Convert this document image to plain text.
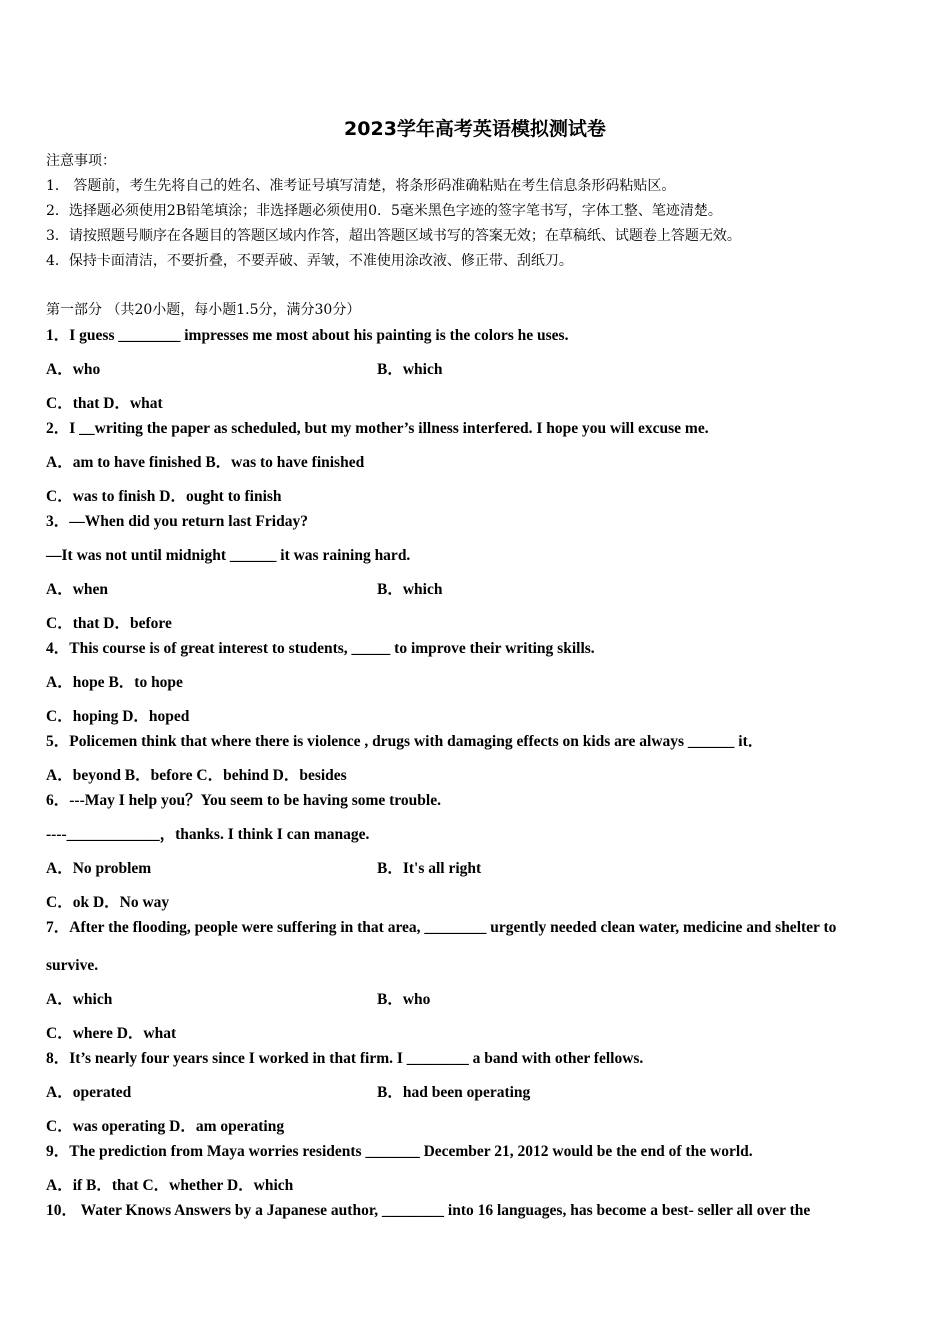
2023学年高考英语模拟测试卷
注意事项：
1． 答题前，考生先将自己的姓名、准考证号填写清楚，将条形码准确粘贴在考生信息条形码粘贴区。
2．选择题必须使用2B铅笔填涂；非选择题必须使用0．5毫米黑色字迹的签字笔书写，字体工整、笔迹清楚。
3．请按照题号顺序在各题目的答题区域内作答，超出答题区域书写的答案无效；在草稿纸、试题卷上答题无效。
4．保持卡面清洁，不要折叠，不要弄破、弄皱，不准使用涂改液、修正带、刮纸刀。
第一部分 （共20小题，每小题1.5分，满分30分）
1．I guess ________ impresses me most about his painting is the colors he uses.
A．who	B．which
C．that D．what
2．I __writing the paper as scheduled, but my mother’s illness interfered. I hope you will excuse me.
A．am to have finished B．was to have finished
C．was to finish D．ought to finish
3．—When did you return last Friday?
—It was not until midnight ______ it was raining hard.
A．when	B．which
C．that D．before
4．This course is of great interest to students, _____ to improve their writing skills.
A．hope B．to hope
C．hoping D．hoped
5．Policemen think that where there is violence , drugs with damaging effects on kids are always ______ it．
A．beyond B．before C．behind D．besides
6．---May I help you？You seem to be having some trouble.
----____________，thanks. I think I can manage.
A．No problem	B．It's all right
C．ok D．No way
7．After the flooding, people were suffering in that area, ________ urgently needed clean water, medicine and shelter to
survive.
A．which	B．who
C．where D．what
8．It’s nearly four years since I worked in that firm. I ________ a band with other fellows.
A．operated	B．had been operating
C．was operating D．am operating
9．The prediction from Maya worries residents _______ December 21, 2012 would be the end of the world.
A．if B．that C．whether D．which
10． Water Knows Answers by a Japanese author, ________ into 16 languages, has become a best- seller all over the
